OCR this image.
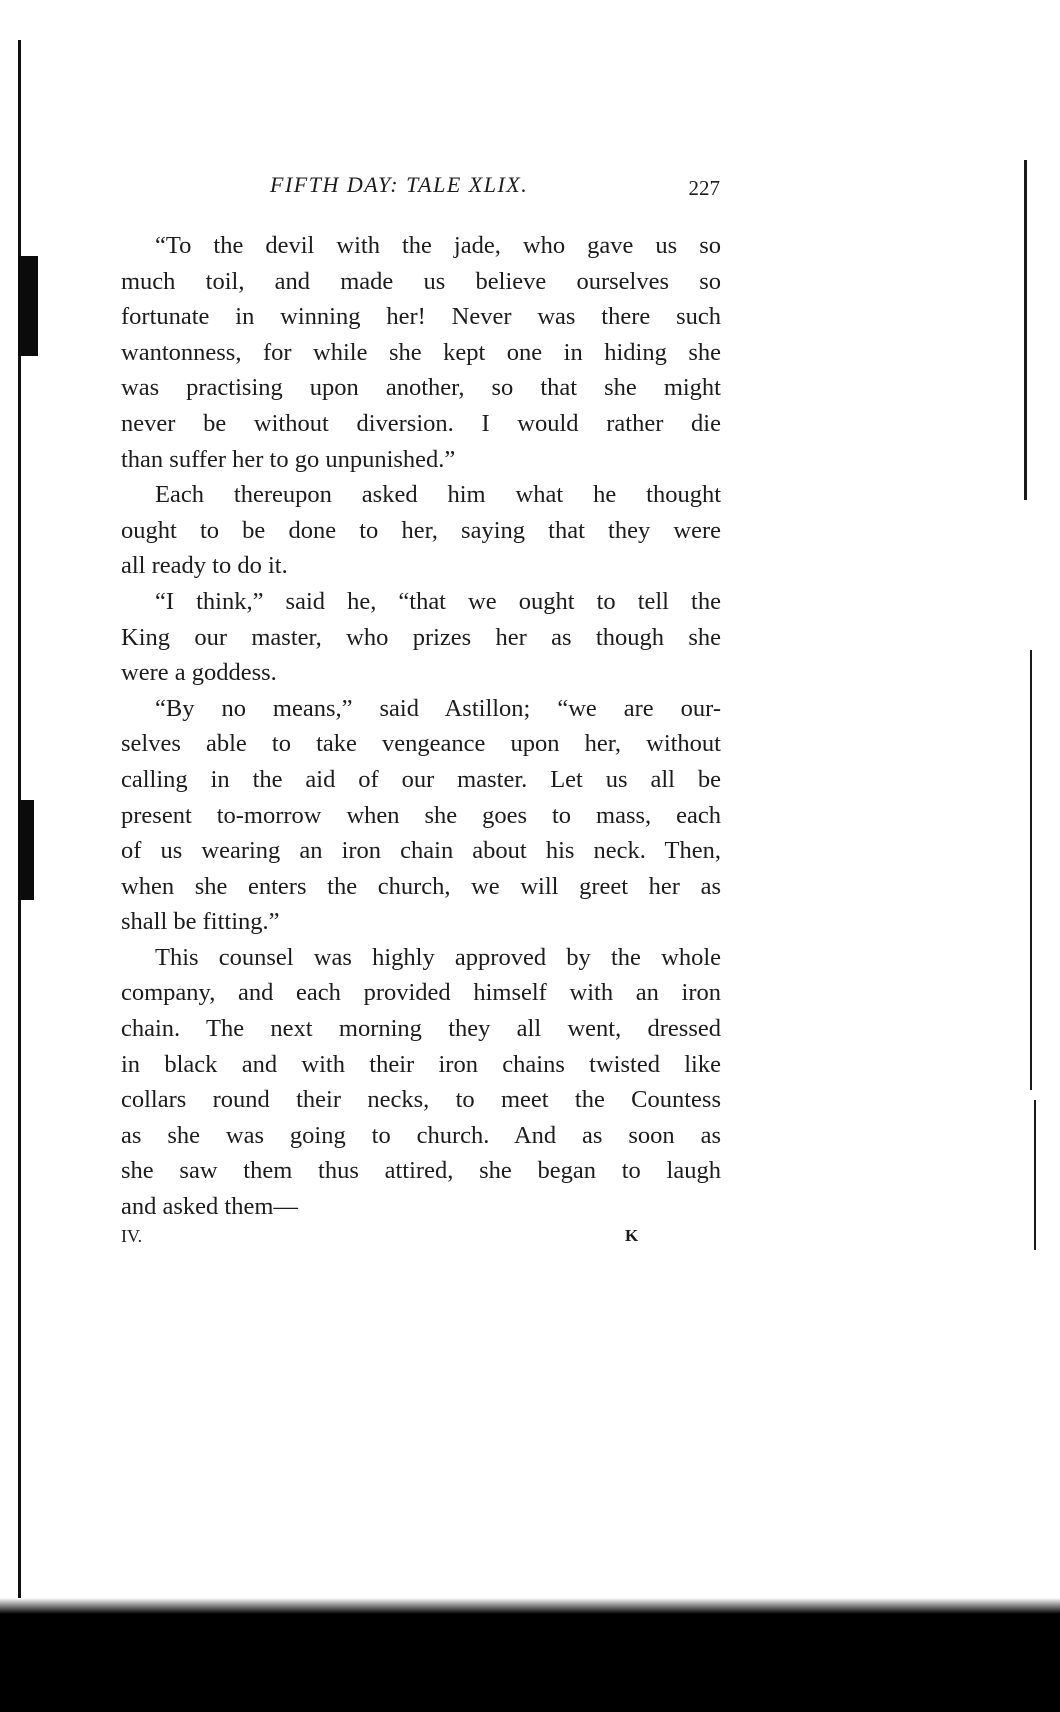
FIFTH DAY: TALE XLIX.	227
“To the devil with the jade, who gave us so
much toil, and made us believe ourselves so
fortunate in winning her! Never was there such
wantonness, for while she kept one in hiding she
was practising upon another, so that she might
never be without diversion. I would rather die
than suffer her to go unpunished.”
Each thereupon asked him what he thought
ought to be done to her, saying that they were
all ready to do it.
“I think,” said he, “that we ought to tell the
King our master, who prizes her as though she
were a goddess.
“By no means,” said Astillon; “we are our-
selves able to take vengeance upon her, without
calling in the aid of our master. Let us all be
present to-morrow when she goes to mass, each
of us wearing an iron chain about his neck. Then,
when she enters the church, we will greet her as
shall be fitting.”
This counsel was highly approved by the whole
company, and each provided himself with an iron
chain. The next morning they all went, dressed
in black and with their iron chains twisted like
collars round their necks, to meet the Countess
as she was going to church. And as soon as
she saw them thus attired, she began to laugh
and asked them—
IV.	K
